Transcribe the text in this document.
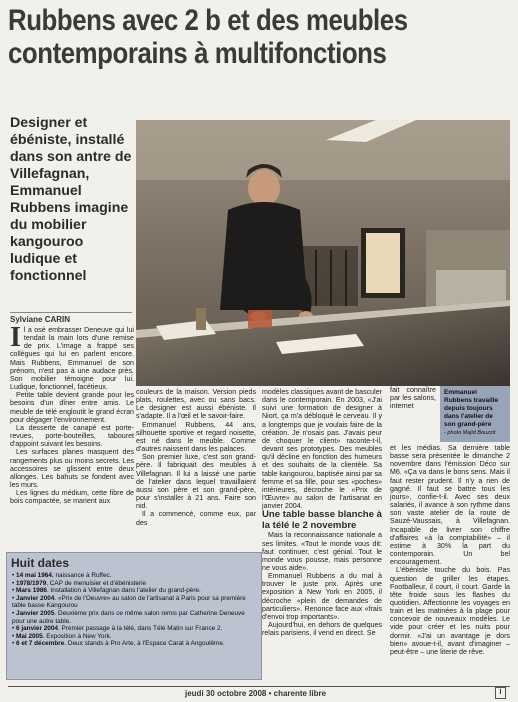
Rubbens avec 2 b et des meubles contemporains à multifonctions
Designer et ébéniste, installé dans son antre de Villefagnan, Emmanuel Rubbens imagine du mobilier kangouroo ludique et fonctionnel
Sylviane CARIN
Emmanuel Rubbens travaille depuis toujours dans l'atelier de son grand-père
- photo Majid Bouzzit
I l a osé embrasser Deneuve qui lui tendait la main lors d'une remise de prix. L'image a frappé ses collègues qui lui en parlent encore. Mais Rubbens, Emmanuel de son prénom, n'est pas à une audace près. Son mobilier témoigne pour lui. Ludique, fonctionnel, facétieux.

Petite table devient grande pour les besoins d'un dîner entre amis. Le meuble de télé engloutit le grand écran pour dégager l'environnement.

La desserte de canapé est porte-revues, porte-bouteilles, tabouret d'appoint suivant les besoins.

Les surfaces planes masquent des rangements plus ou moins secrets. Les accessoires se glissent entre deux allonges. Les bahuts se fondent avec les murs.

Les lignes du médium, cette fibre de bois compactée, se marient aux

couleurs de la maison. Version pieds plats, roulettes, avec ou sans bacs. Le designer est aussi ébéniste. Il s'adapte. Il a l'œil et le savoir-faire.

Emmanuel Rubbens, 44 ans, silhouette sportive et regard noisette, est né dans le meuble. Comme d'autres naissent dans les palaces.

Son premier luxe, c'est son grand-père. Il fabriquait des meubles à Villefagnan. Il lui a laissé une partie de l'atelier dans lequel travaillaient aussi son père et son grand-père, pour s'installer à 21 ans. Faire son nid.

Il a commencé, comme eux, par des

modèles classiques avant de basculer dans le contemporain. En 2003, «J'ai suivi une formation de designer à Niort, ça m'a débloqué le cerveau. Il y a longtemps que je voulais faire de la création. Je n'osais pas. J'avais peur de choquer le client» raconte-t-il, devant ses prototypes. Des meubles qu'il décline en fonction des humeurs et des souhaits de la clientèle. Sa table kangourou, baptisée ainsi par sa femme et sa fille, pour ses «poches» intérieures, décroche le «Prix de l'Œuvre» au salon de l'artisanat en janvier 2004.

Une table basse blanche à la télé le 2 novembre

Mais la reconnaissance nationale a ses limites. «Tout le monde vous dit: faut continuer, c'est génial. Tout le monde vous pousse, mais personne ne vous aide».

Emmanuel Rubbens a du mal à trouver le juste prix. Après une exposition à New York en 2005, il décroche «plein de demandes de particuliers». Renonce face aux «frais d'envoi trop importants».

Aujourd'hui, en dehors de quelques relais parisiens, il vend en direct. Se

fait connaître par les salons, internet

et les médias. Sa dernière table basse sera présentée le dimanche 2 novembre dans l'émission Déco sur M6. «Ça va dans le bons sens. Mais il faut rester prudent. Il n'y a rien de gagné. Il faut se battre tous les jours», confie-t-il. Avec ses deux salariés, il avance à son rythme dans son vaste atelier de la route de Sauzé-Vaussais, à Villefagnan. Incapable de livrer son chiffre d'affaires «à la comptabilité» – il estime à 30% la part du contemporain. Un bel encouragement.

L'ébéniste touche du bois. Pas question de griller les étapes. Footballeur, il court, il court. Garde la tête froide sous les flashes du quotidien. Affectionne les voyages en train et les matinées à la plage pour concevoir de nouveaux modèles. Le vide pour créer et les nuits pour dormir. «J'ai un avantage je dors bien» avoue-t-il, avant d'imaginer – peut-être – une literie de rêve.

Huit dates
• 14 mai 1964, naissance à Ruffec.
• 1978/1979, CAP de menuisier et d'ébénisterie
• Mars 1986. Installation à Villefagnan dans l'atelier du grand-père.
• Janvier 2004. «Prix de l'Oeuvre» au salon de l'artisanat à Paris pour sa première table basse Kangourou
• Janvier 2005. Deuxième prix dans ce même salon remis par Catherine Deneuve pour une autre table.
• 6 janvier 2004. Premier passage à la télé, dans Télé Matin sur France 2.
• Mai 2005. Exposition à New York.
• 6 et 7 décembre. Deux stands à Pro Arte, à l'Espace Carat à Angoulême.
jeudi 30 octobre 2008 • charente libre	I
